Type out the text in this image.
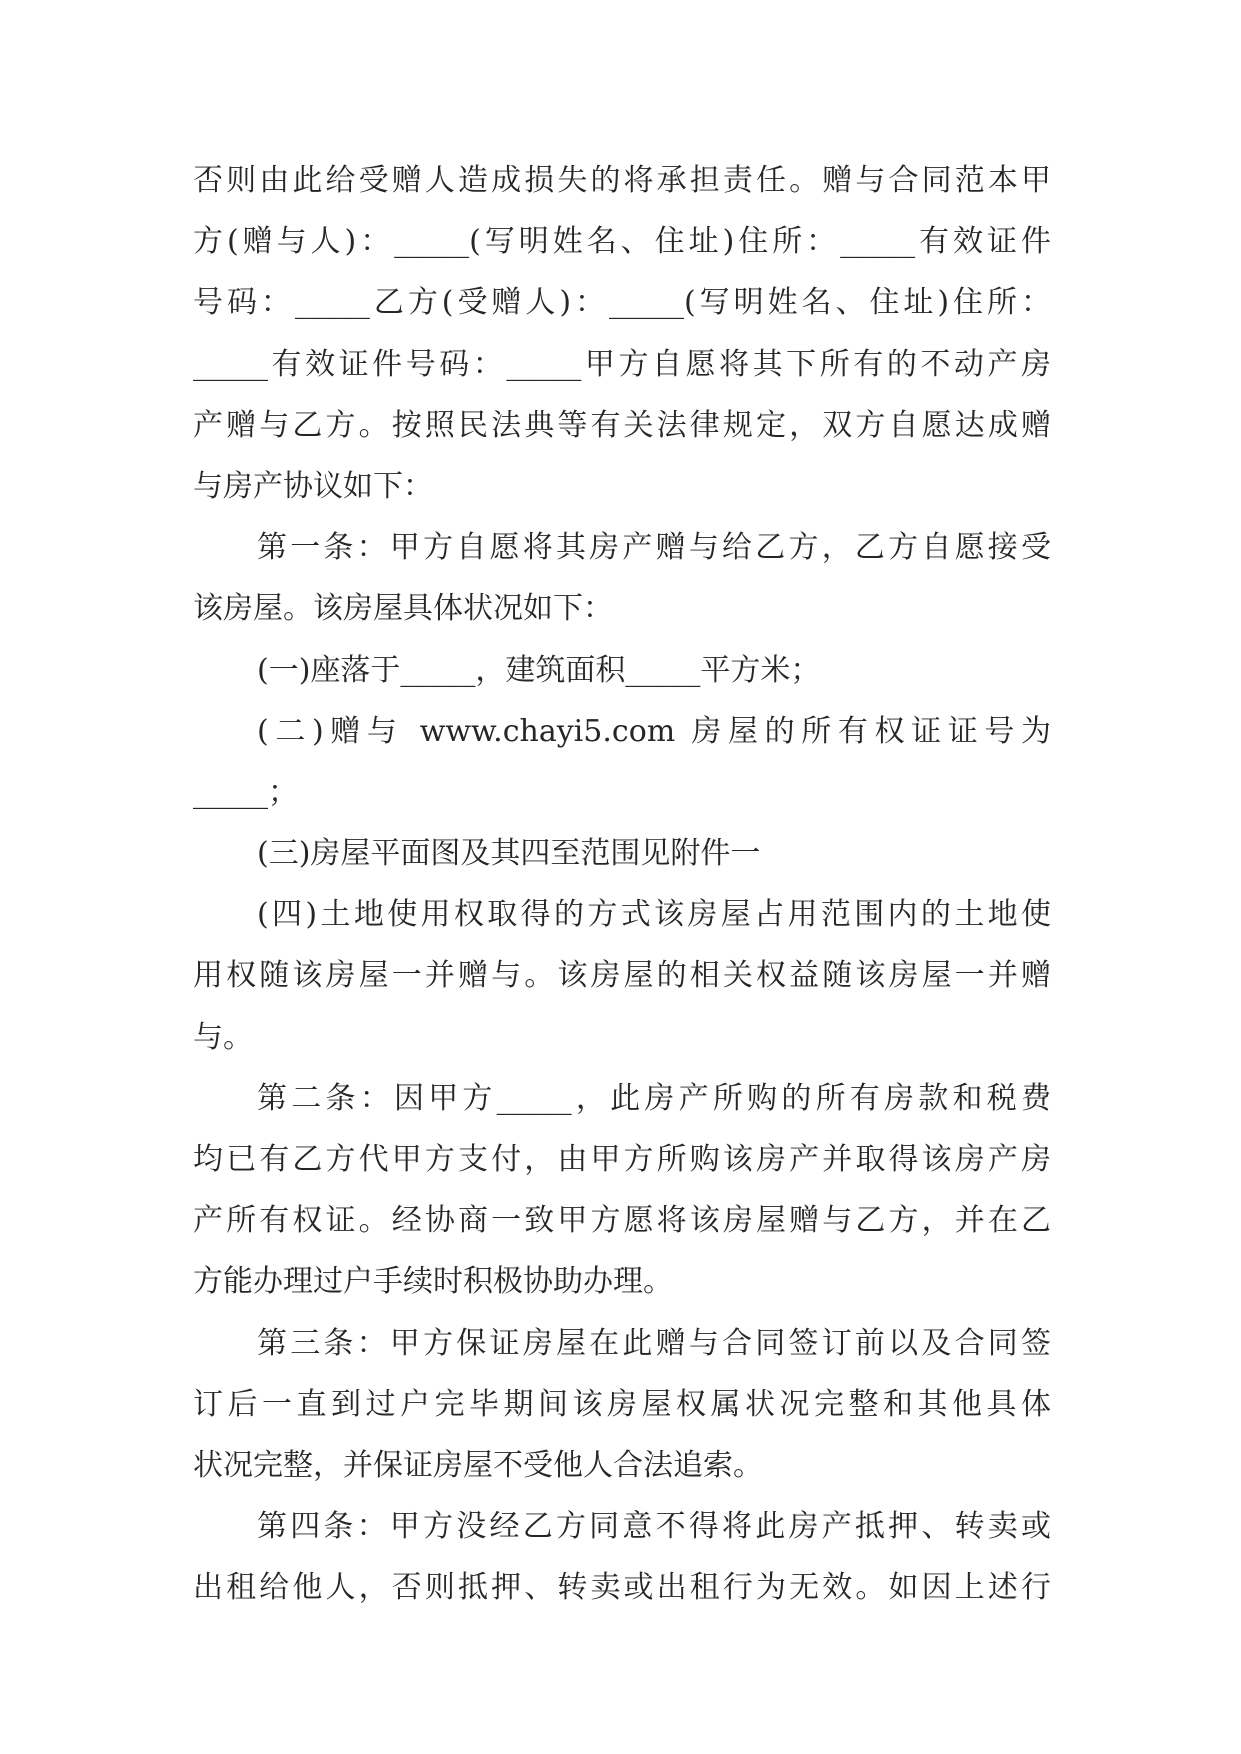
否则由此给受赠人造成损失的将承担责任。赠与合同范本甲
方(赠与人)：_____(写明姓名、住址)住所：_____有效证件
号码：_____乙方(受赠人)：_____(写明姓名、住址)住所：
_____有效证件号码：_____甲方自愿将其下所有的不动产房
产赠与乙方。按照民法典等有关法律规定，双方自愿达成赠
与房产协议如下：
第一条：甲方自愿将其房产赠与给乙方，乙方自愿接受
该房屋。该房屋具体状况如下：
(一)座落于_____，建筑面积_____平方米；
(二)赠与 www.chayi5.com 房屋的所有权证证号为
_____；
(三)房屋平面图及其四至范围见附件一
(四)土地使用权取得的方式该房屋占用范围内的土地使
用权随该房屋一并赠与。该房屋的相关权益随该房屋一并赠
与。
第二条：因甲方_____，此房产所购的所有房款和税费
均已有乙方代甲方支付，由甲方所购该房产并取得该房产房
产所有权证。经协商一致甲方愿将该房屋赠与乙方，并在乙
方能办理过户手续时积极协助办理。
第三条：甲方保证房屋在此赠与合同签订前以及合同签
订后一直到过户完毕期间该房屋权属状况完整和其他具体
状况完整，并保证房屋不受他人合法追索。
第四条：甲方没经乙方同意不得将此房产抵押、转卖或
出租给他人，否则抵押、转卖或出租行为无效。如因上述行
